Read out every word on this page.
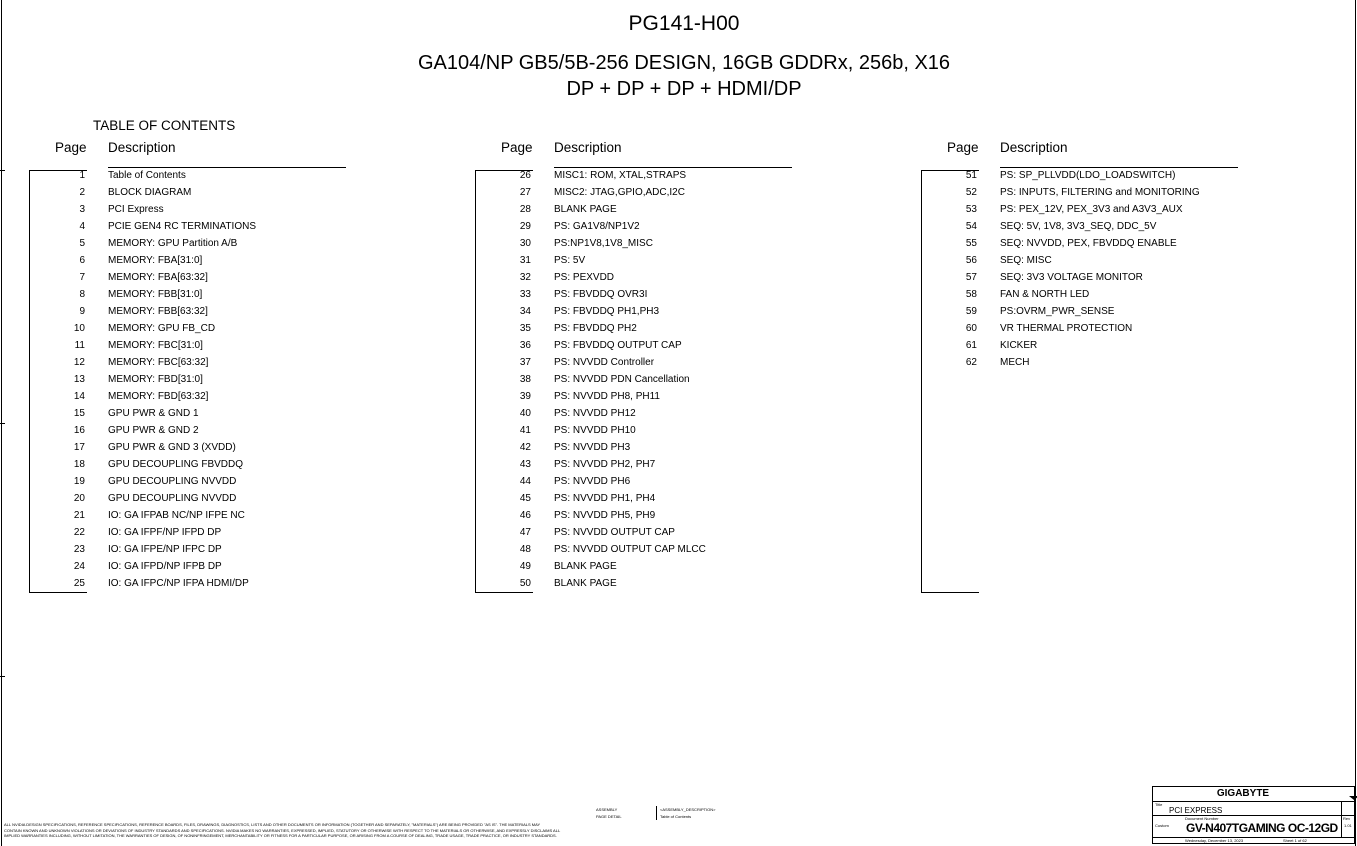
PG141-H00
GA104/NP GB5/5B-256 DESIGN, 16GB GDDRx, 256b, X16
DP + DP + DP + HDMI/DP
TABLE OF CONTENTS
Page Description
1 Table of Contents
2 BLOCK DIAGRAM
3 PCI Express
4 PCIE GEN4 RC TERMINATIONS
5 MEMORY: GPU Partition A/B
6 MEMORY: FBA[31:0]
7 MEMORY: FBA[63:32]
8 MEMORY: FBB[31:0]
9 MEMORY: FBB[63:32]
10 MEMORY: GPU FB_CD
11 MEMORY: FBC[31:0]
12 MEMORY: FBC[63:32]
13 MEMORY: FBD[31:0]
14 MEMORY: FBD[63:32]
15 GPU PWR & GND 1
16 GPU PWR & GND 2
17 GPU PWR & GND 3 (XVDD)
18 GPU DECOUPLING FBVDDQ
19 GPU DECOUPLING NVVDD
20 GPU DECOUPLING NVVDD
21 IO: GA IFPAB NC/NP IFPE NC
22 IO: GA IFPF/NP IFPD DP
23 IO: GA IFPE/NP IFPC DP
24 IO: GA IFPD/NP IFPB DP
25 IO: GA IFPC/NP IFPA HDMI/DP
Page Description
26 MISC1: ROM, XTAL,STRAPS
27 MISC2: JTAG,GPIO,ADC,I2C
28 BLANK PAGE
29 PS: GA1V8/NP1V2
30 PS:NP1V8,1V8_MISC
31 PS: 5V
32 PS: PEXVDD
33 PS: FBVDDQ OVR3I
34 PS: FBVDDQ PH1,PH3
35 PS: FBVDDQ PH2
36 PS: FBVDDQ OUTPUT CAP
37 PS: NVVDD Controller
38 PS: NVVDD PDN Cancellation
39 PS: NVVDD PH8, PH11
40 PS: NVVDD PH12
41 PS: NVVDD PH10
42 PS: NVVDD PH3
43 PS: NVVDD PH2, PH7
44 PS: NVVDD PH6
45 PS: NVVDD PH1, PH4
46 PS: NVVDD PH5, PH9
47 PS: NVVDD OUTPUT CAP
48 PS: NVVDD OUTPUT CAP MLCC
49 BLANK PAGE
50 BLANK PAGE
Page Description
51 PS: SP_PLLVDD(LDO_LOADSWITCH)
52 PS: INPUTS, FILTERING and MONITORING
53 PS: PEX_12V, PEX_3V3 and A3V3_AUX
54 SEQ: 5V, 1V8, 3V3_SEQ, DDC_5V
55 SEQ: NVVDD, PEX, FBVDDQ ENABLE
56 SEQ: MISC
57 SEQ: 3V3 VOLTAGE MONITOR
58 FAN & NORTH LED
59 PS:OVRM_PWR_SENSE
60 VR THERMAL PROTECTION
61 KICKER
62 MECH
ALL NVIDIA DESIGN SPECIFICATIONS, REFERENCE SPECIFICATIONS, REFERENCE BOARDS, FILES, DRAWINGS, DIAGNOSTICS, LISTS AND OTHER DOCUMENTS OR INFORMATION (TOGETHER AND SEPARATELY, "MATERIALS") ARE BEING PROVIDED "AS IS". THE MATERIALS MAY
CONTAIN KNOWN AND UNKNOWN VIOLATIONS OR DEVIATIONS OF INDUSTRY STANDARDS AND SPECIFICATIONS. NVIDIA MAKES NO WARRANTIES, EXPRESSED, IMPLIED, STATUTORY OR OTHERWISE WITH RESPECT TO THE MATERIALS OR OTHERWISE, AND EXPRESSLY DISCLAIMS ALL
IMPLIED WARRANTIES INCLUDING, WITHOUT LIMITATION, THE WARRANTIES OF DESIGN, OF NONINFRINGEMENT, MERCHANTABILITY OR FITNESS FOR A PARTICULAR PURPOSE, OR ARISING FROM A COURSE OF DEALING, TRADE USAGE, TRADE PRACTICE, OR INDUSTRY STANDARDS.
ASSEMBLY
PAGE DETAIL
<ASSEMBLY_DESCRIPTION>
Table of Contents
GIGABYTE
Title
PCI EXPRESS
Custom
Document Number
GV-N407TGAMING OC-12GD
Rev
1.01
Wednesday, December 13, 2023	Sheet 1 of 62
